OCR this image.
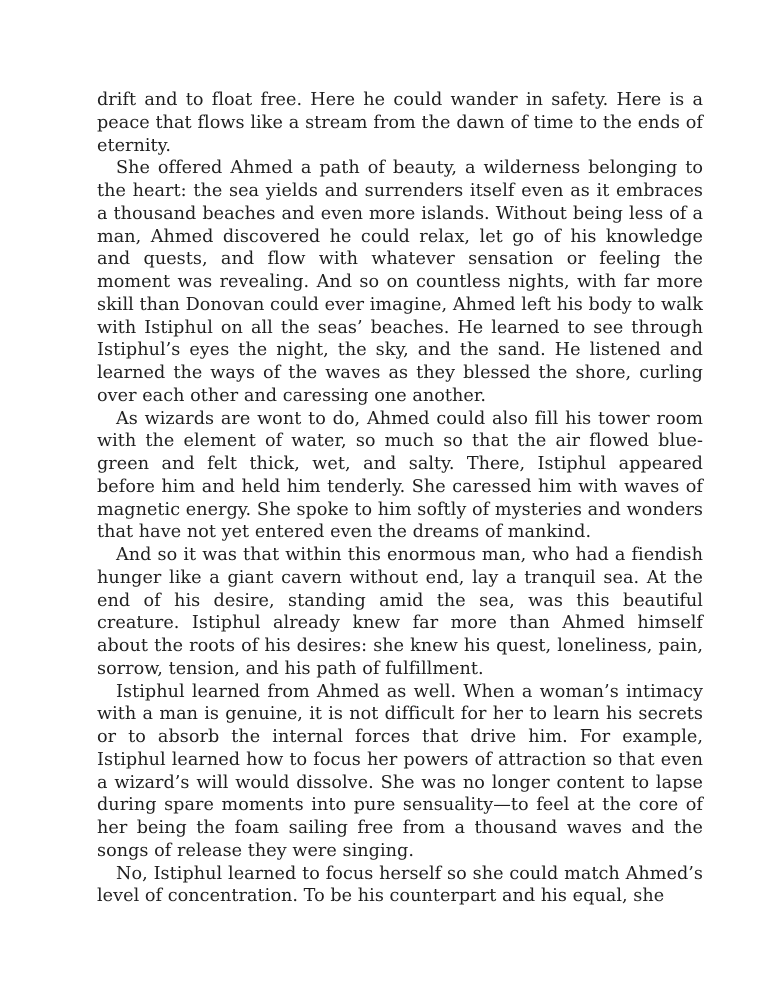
drift and to float free. Here he could wander in safety. Here is a peace that flows like a stream from the dawn of time to the ends of eternity.

She offered Ahmed a path of beauty, a wilderness belonging to the heart: the sea yields and surrenders itself even as it embraces a thousand beaches and even more islands. Without being less of a man, Ahmed discovered he could relax, let go of his knowledge and quests, and flow with whatever sensation or feeling the moment was revealing. And so on countless nights, with far more skill than Donovan could ever imagine, Ahmed left his body to walk with Istiphul on all the seas’ beaches. He learned to see through Istiphul’s eyes the night, the sky, and the sand. He listened and learned the ways of the waves as they blessed the shore, curling over each other and caressing one another.

As wizards are wont to do, Ahmed could also fill his tower room with the element of water, so much so that the air flowed blue-green and felt thick, wet, and salty. There, Istiphul appeared before him and held him tenderly. She caressed him with waves of magnetic energy. She spoke to him softly of mysteries and wonders that have not yet entered even the dreams of mankind.

And so it was that within this enormous man, who had a fiendish hunger like a giant cavern without end, lay a tranquil sea. At the end of his desire, standing amid the sea, was this beautiful creature. Istiphul already knew far more than Ahmed himself about the roots of his desires: she knew his quest, loneliness, pain, sorrow, tension, and his path of fulfillment.

Istiphul learned from Ahmed as well. When a woman’s intimacy with a man is genuine, it is not difficult for her to learn his secrets or to absorb the internal forces that drive him. For example, Istiphul learned how to focus her powers of attraction so that even a wizard’s will would dissolve. She was no longer content to lapse during spare moments into pure sensuality—to feel at the core of her being the foam sailing free from a thousand waves and the songs of release they were singing.

No, Istiphul learned to focus herself so she could match Ahmed’s level of concentration. To be his counterpart and his equal, she
